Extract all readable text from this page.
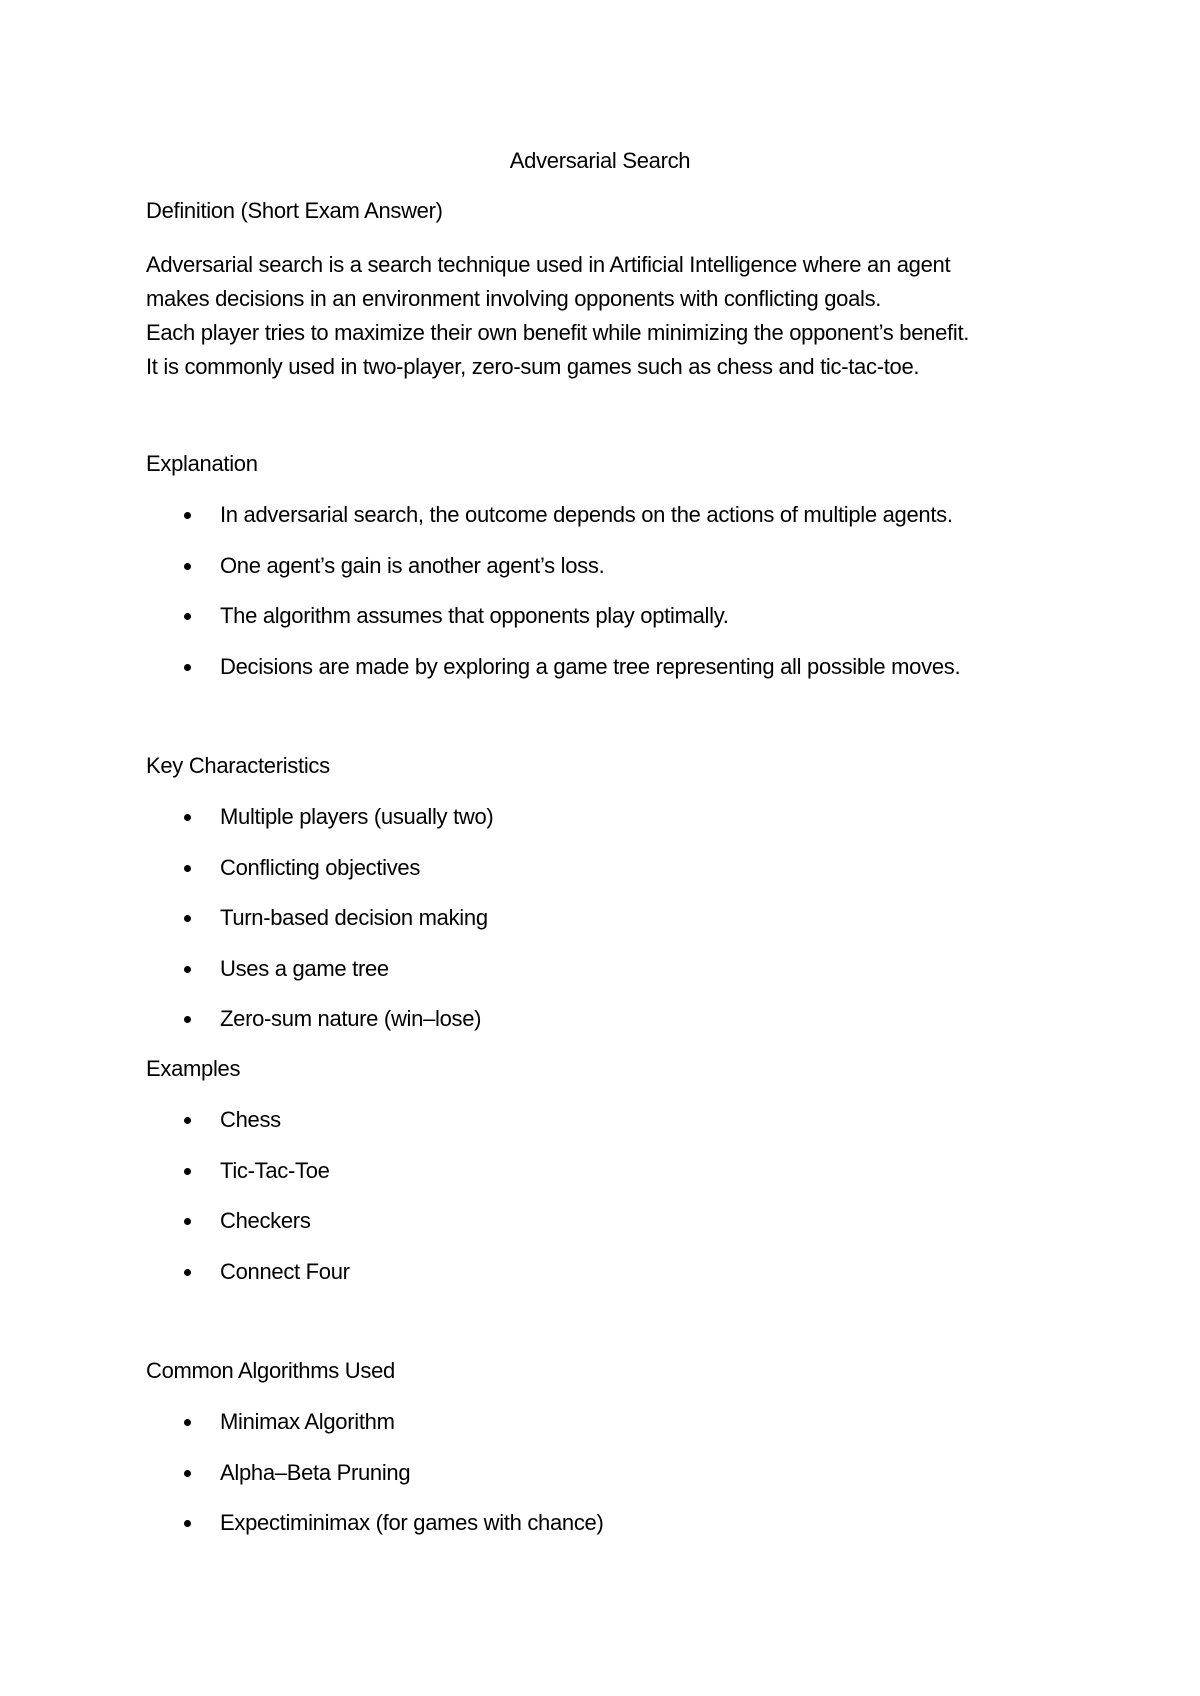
Adversarial Search
Definition (Short Exam Answer)
Adversarial search is a search technique used in Artificial Intelligence where an agent
makes decisions in an environment involving opponents with conflicting goals.
Each player tries to maximize their own benefit while minimizing the opponent’s benefit.
It is commonly used in two-player, zero-sum games such as chess and tic-tac-toe.
Explanation
In adversarial search, the outcome depends on the actions of multiple agents.
One agent’s gain is another agent’s loss.
The algorithm assumes that opponents play optimally.
Decisions are made by exploring a game tree representing all possible moves.
Key Characteristics
Multiple players (usually two)
Conflicting objectives
Turn-based decision making
Uses a game tree
Zero-sum nature (win–lose)
Examples
Chess
Tic-Tac-Toe
Checkers
Connect Four
Common Algorithms Used
Minimax Algorithm
Alpha–Beta Pruning
Expectiminimax (for games with chance)
